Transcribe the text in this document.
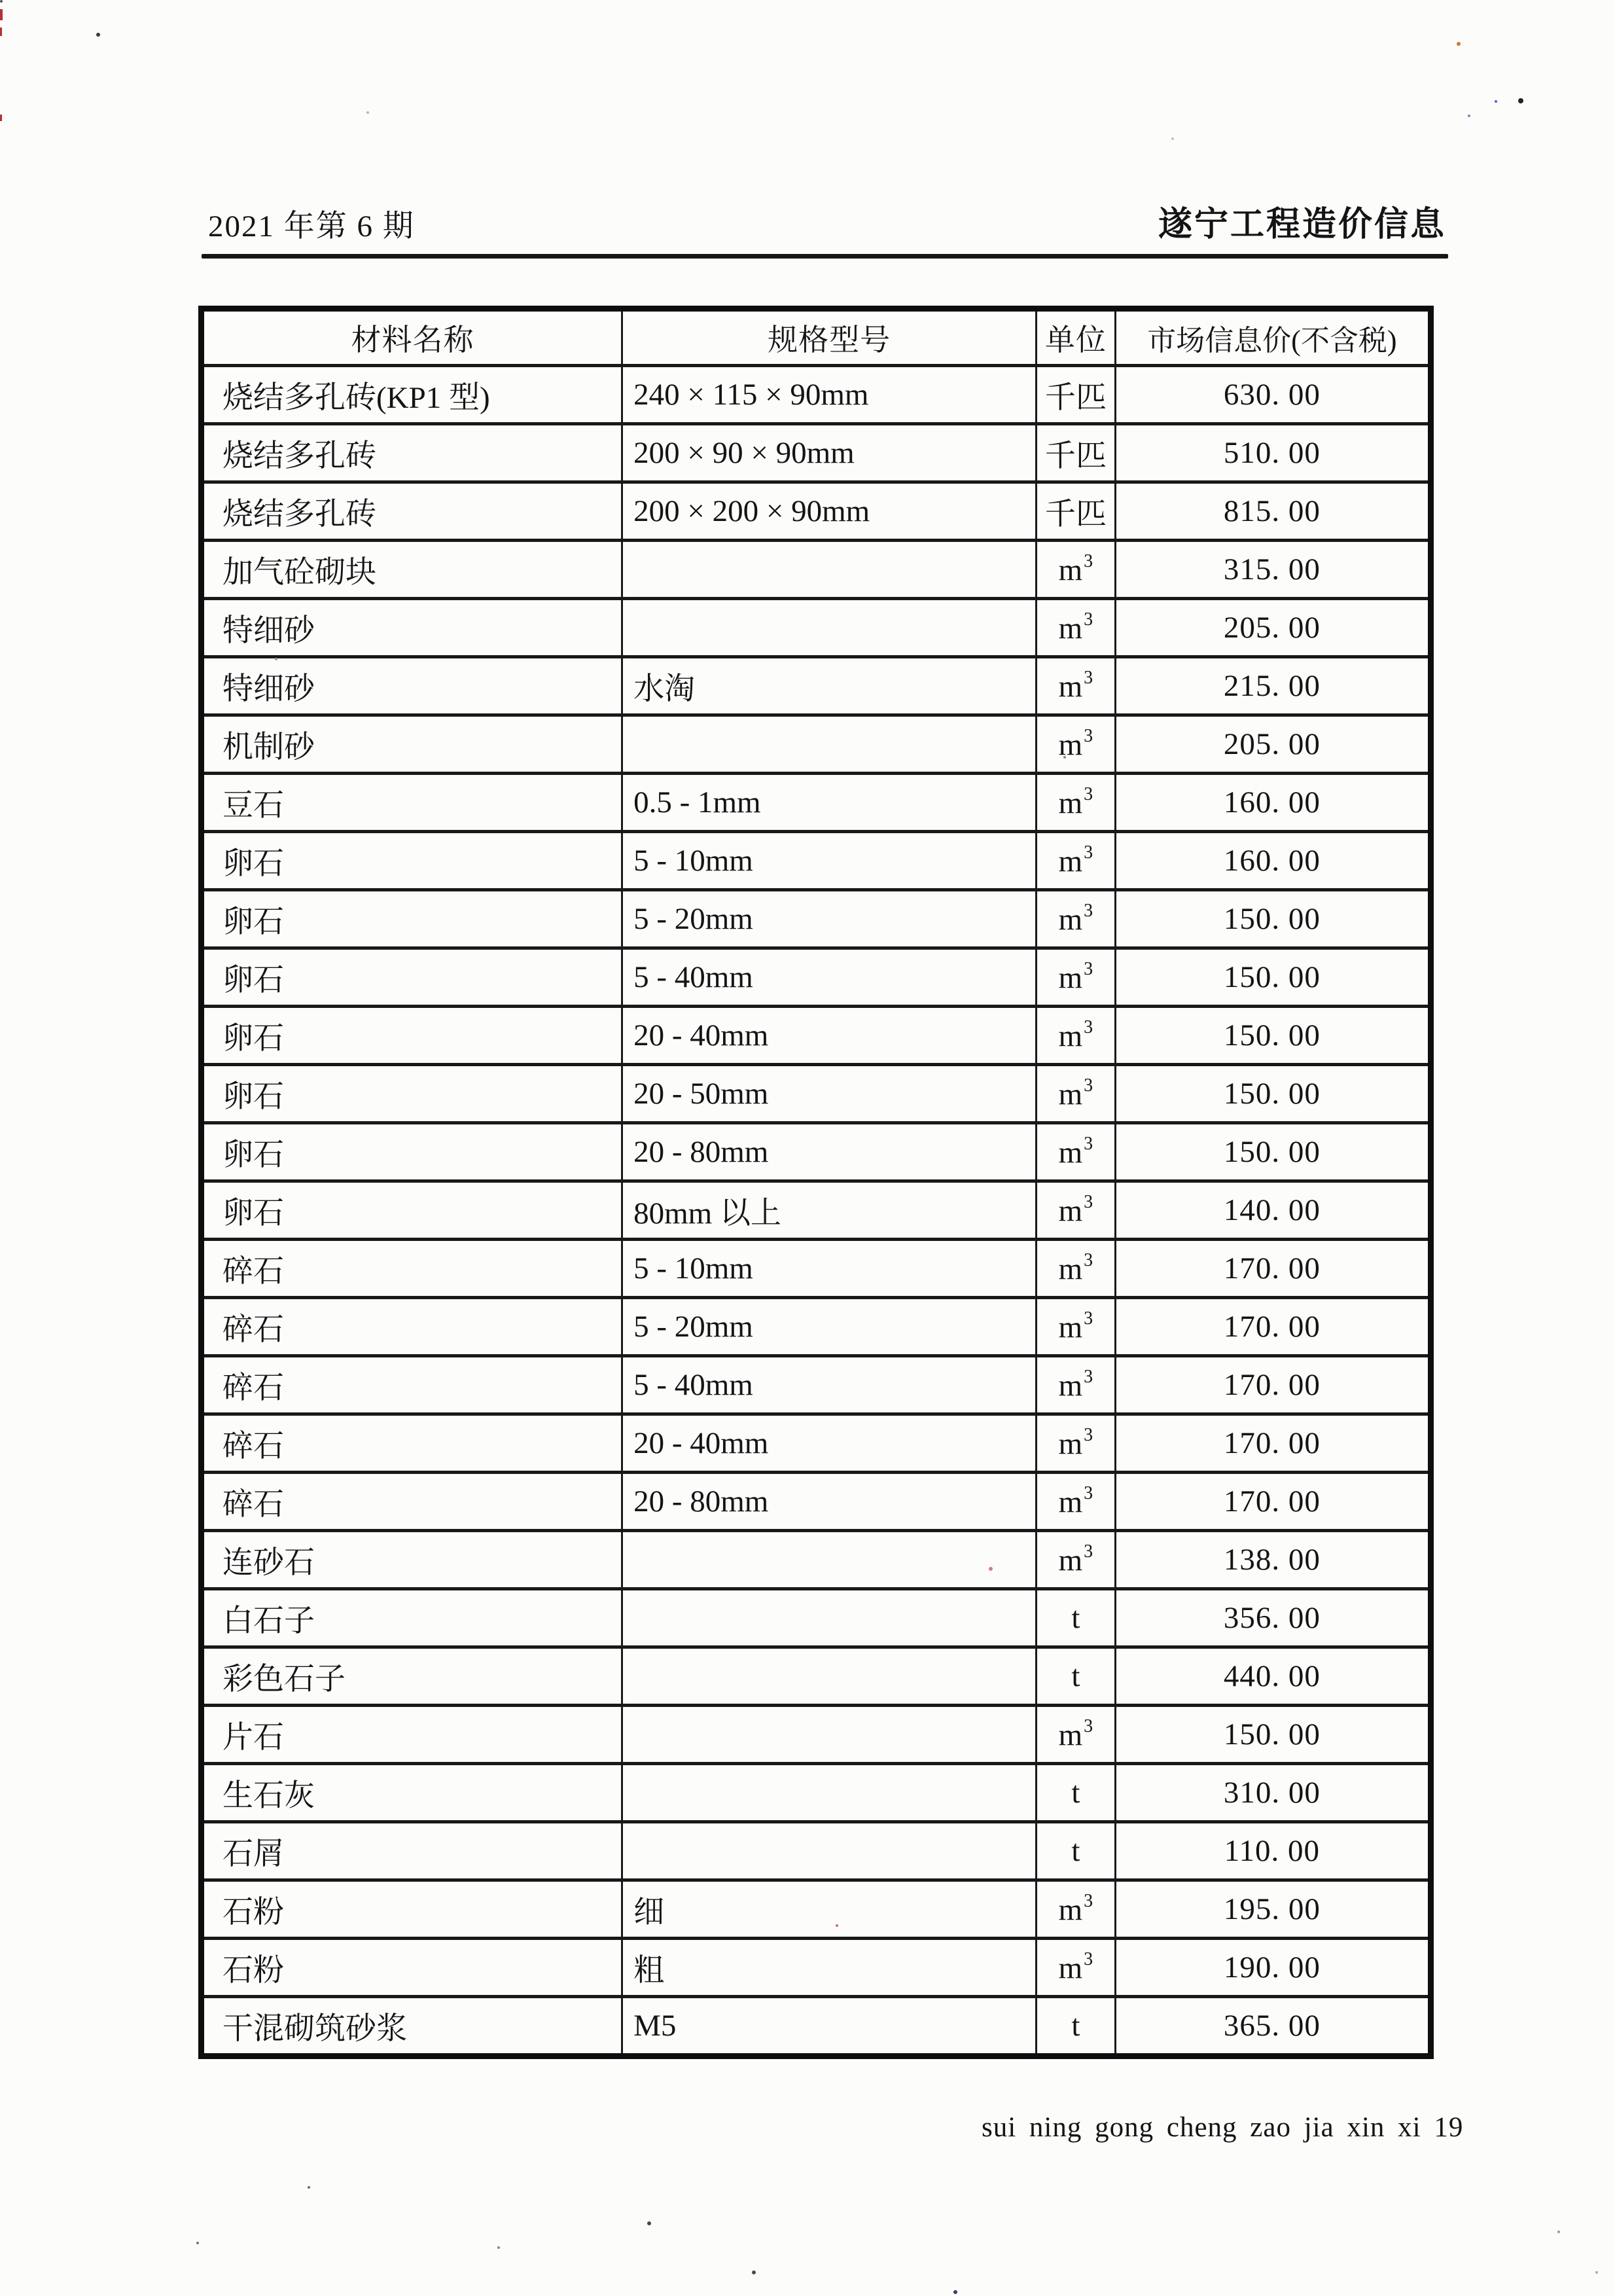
2021 年第 6 期	遂宁工程造价信息
材料名称	规格型号	单位	市场信息价(不含税)
烧结多孔砖(KP1 型)	240 × 115 × 90mm	千匹	630. 00
烧结多孔砖	200 × 90 × 90mm	千匹	510. 00
烧结多孔砖	200 × 200 × 90mm	千匹	815. 00
加气砼砌块		$m^3$	315. 00
特细砂		$m^3$	205. 00
特细砂	水淘	$m^3$	215. 00
机制砂		$m^3$	205. 00
豆石	0.5 - 1mm	$m^3$	160. 00
卵石	5 - 10mm	$m^3$	160. 00
卵石	5 - 20mm	$m^3$	150. 00
卵石	5 - 40mm	$m^3$	150. 00
卵石	20 - 40mm	$m^3$	150. 00
卵石	20 - 50mm	$m^3$	150. 00
卵石	20 - 80mm	$m^3$	150. 00
卵石	80mm 以上	$m^3$	140. 00
碎石	5 - 10mm	$m^3$	170. 00
碎石	5 - 20mm	$m^3$	170. 00
碎石	5 - 40mm	$m^3$	170. 00
碎石	20 - 40mm	$m^3$	170. 00
碎石	20 - 80mm	$m^3$	170. 00
连砂石		$m^3$	138. 00
白石子		t	356. 00
彩色石子		t	440. 00
片石		$m^3$	150. 00
生石灰		t	310. 00
石屑		t	110. 00
石粉	细	$m^3$	195. 00
石粉	粗	$m^3$	190. 00
干混砌筑砂浆	M5	t	365. 00
sui ning gong cheng zao jia xin xi 19
